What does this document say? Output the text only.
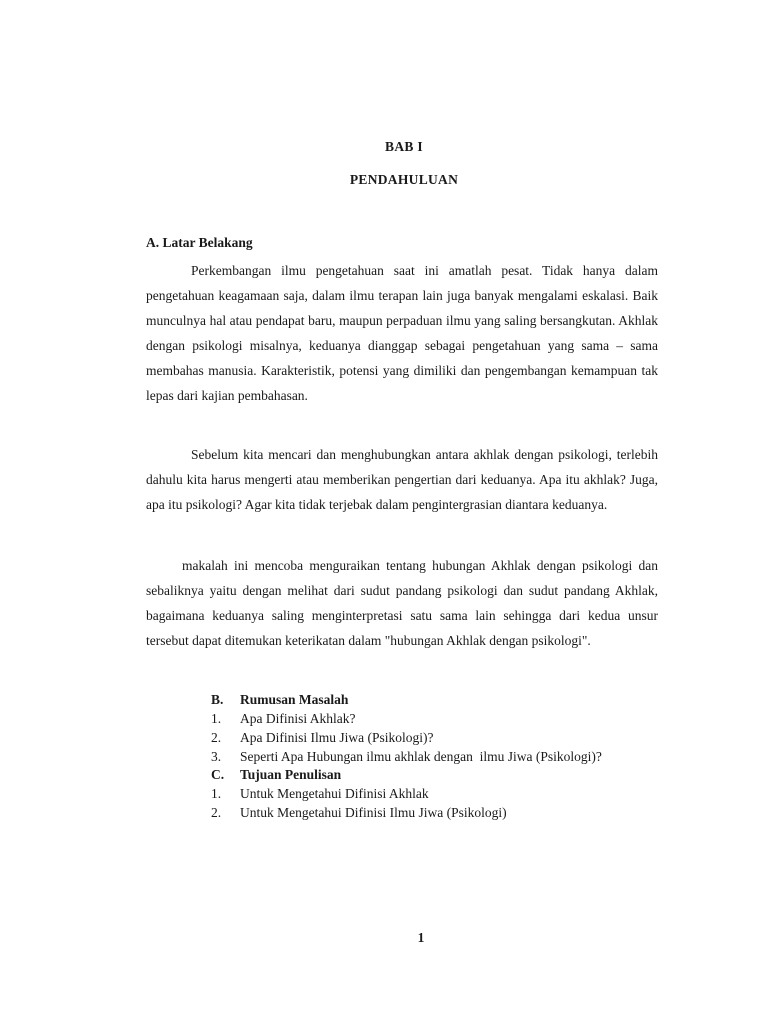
BAB I
PENDAHULUAN
A. Latar Belakang

Perkembangan ilmu pengetahuan saat ini amatlah pesat. Tidak hanya dalam pengetahuan keagamaan saja, dalam ilmu terapan lain juga banyak mengalami eskalasi. Baik munculnya hal atau pendapat baru, maupun perpaduan ilmu yang saling bersangkutan. Akhlak dengan psikologi misalnya, keduanya dianggap sebagai pengetahuan yang sama – sama membahas manusia. Karakteristik, potensi yang dimiliki dan pengembangan kemampuan tak lepas dari kajian pembahasan.

Sebelum kita mencari dan menghubungkan antara akhlak dengan psikologi, terlebih dahulu kita harus mengerti atau memberikan pengertian dari keduanya. Apa itu akhlak? Juga, apa itu psikologi? Agar kita tidak terjebak dalam pengintergrasian diantara keduanya.

makalah ini mencoba menguraikan tentang hubungan Akhlak dengan psikologi dan sebaliknya yaitu dengan melihat dari sudut pandang psikologi dan sudut pandang Akhlak, bagaimana keduanya saling menginterpretasi satu sama lain sehingga dari kedua unsur tersebut dapat ditemukan keterikatan dalam "hubungan Akhlak dengan psikologi".

B.	Rumusan Masalah
1.	Apa Difinisi Akhlak?
2.	Apa Difinisi Ilmu Jiwa (Psikologi)?
3.	Seperti Apa Hubungan ilmu akhlak dengan  ilmu Jiwa (Psikologi)?
C.	Tujuan Penulisan
1.	Untuk Mengetahui Difinisi Akhlak
2.	Untuk Mengetahui Difinisi Ilmu Jiwa (Psikologi)
1
